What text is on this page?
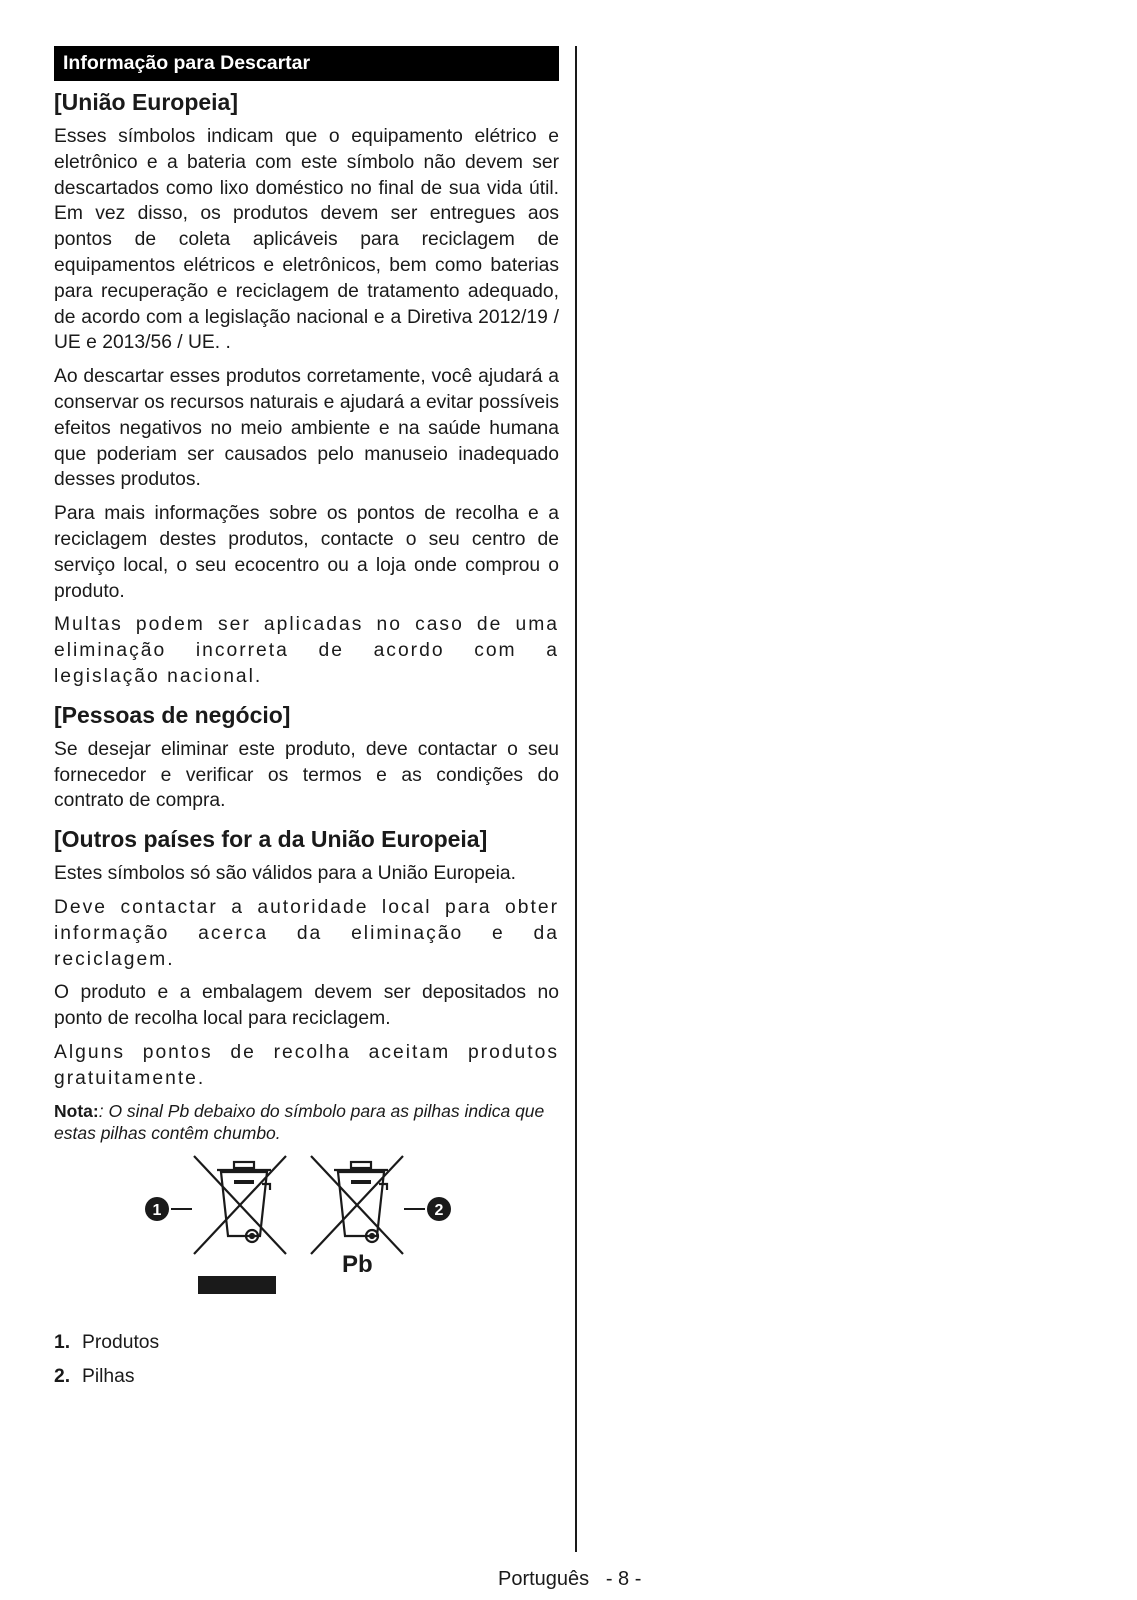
Informação para Descartar
[União Europeia]

Esses símbolos indicam que o equipamento elétrico e eletrônico e a bateria com este símbolo não devem ser descartados como lixo doméstico no final de sua vida útil. Em vez disso, os produtos devem ser entregues aos pontos de coleta aplicáveis para reciclagem de equipamentos elétricos e eletrônicos, bem como baterias para recuperação e reciclagem de tratamento adequado, de acordo com a legislação nacional e a Diretiva 2012/19 / UE e 2013/56 / UE. .

Ao descartar esses produtos corretamente, você ajudará a conservar os recursos naturais e ajudará a evitar possíveis efeitos negativos no meio ambiente e na saúde humana que poderiam ser causados pelo manuseio inadequado desses produtos.

Para mais informações sobre os pontos de recolha e a reciclagem destes produtos, contacte o seu centro de serviço local, o seu ecocentro ou a loja onde comprou o produto.

Multas podem ser aplicadas no caso de uma eliminação incorreta de acordo com a legislação nacional.

[Pessoas de negócio]

Se desejar eliminar este produto, deve contactar o seu fornecedor e verificar os termos e as condições do contrato de compra.

[Outros países for a da União Europeia]

Estes símbolos só são válidos para a União Europeia.

Deve contactar a autoridade local para obter informação acerca da eliminação e da reciclagem.

O produto e a embalagem devem ser depositados no ponto de recolha local para reciclagem.

Alguns pontos de recolha aceitam produtos gratuitamente.

Nota:: O sinal Pb debaixo do símbolo para as pilhas indica que estas pilhas contêm chumbo.
1
Pb
2
1. Produtos
2. Pilhas
Português - 8 -
